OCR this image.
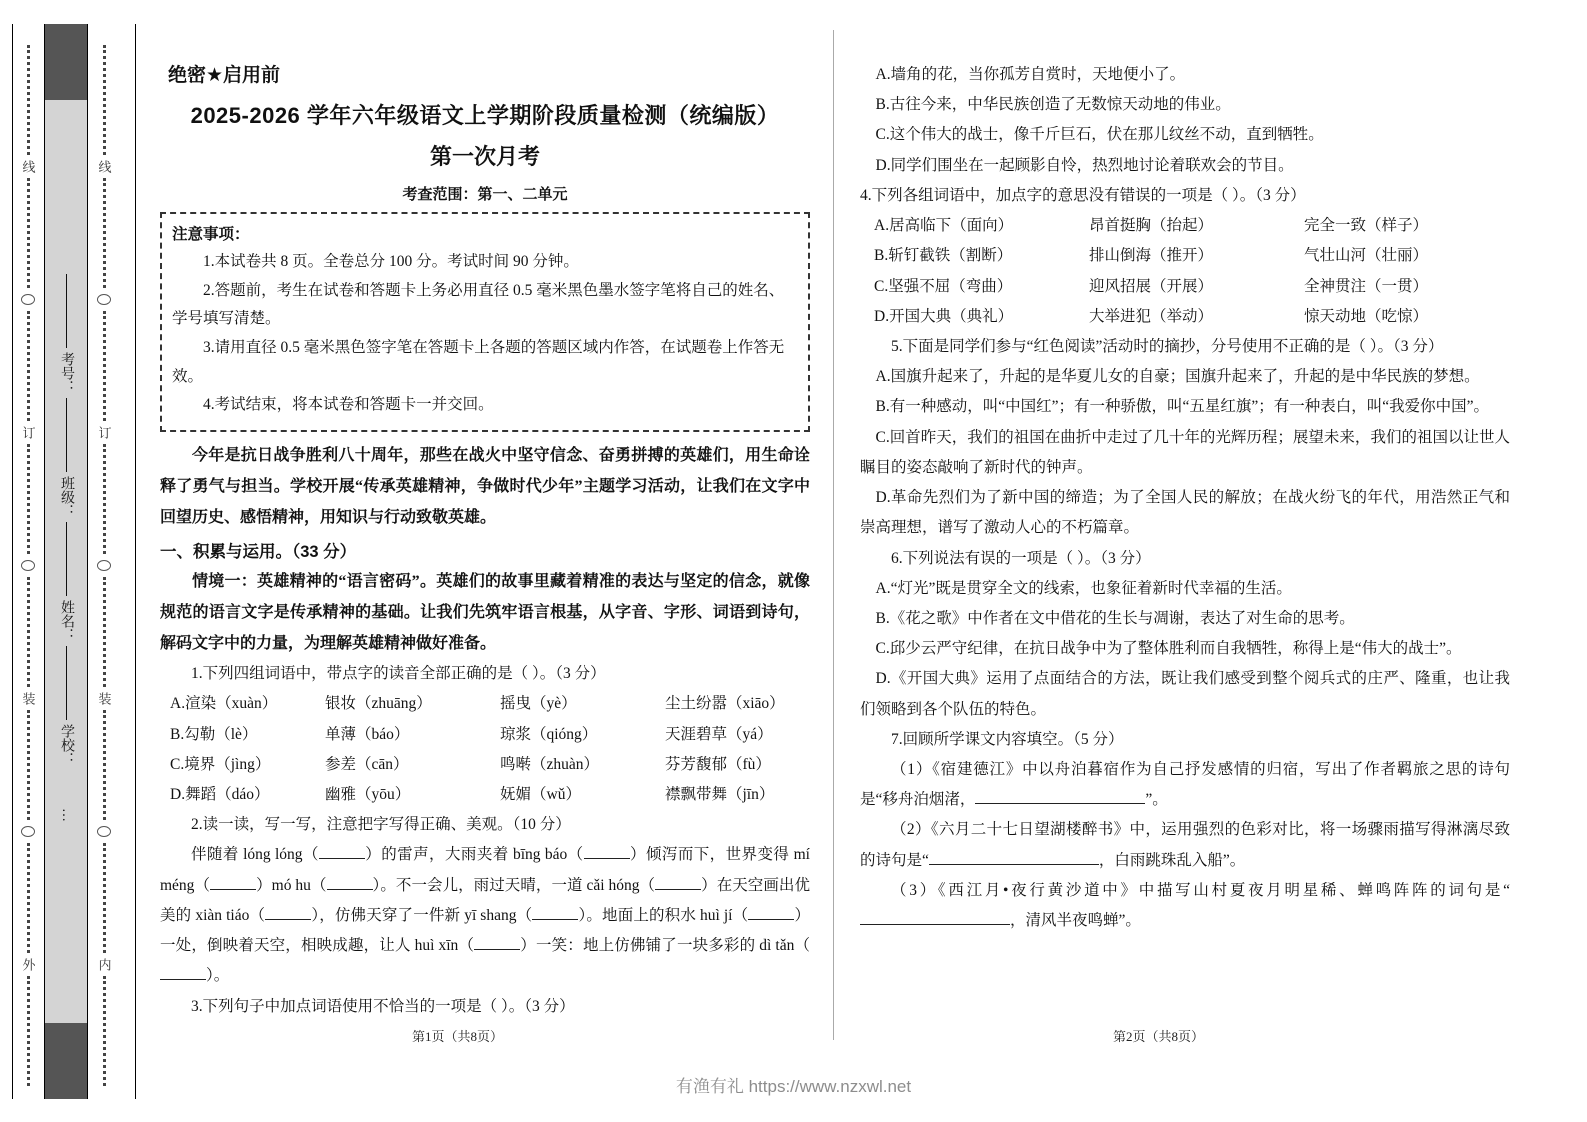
线
订
装
外
考号：
班级：
姓名：
学校：
…
线
订
装
内
绝密★启用前
2025-2026 学年六年级语文上学期阶段质量检测（统编版）
第一次月考
考查范围：第一、二单元
注意事项：

1.本试卷共 8 页。全卷总分 100 分。考试时间 90 分钟。

2.答题前，考生在试卷和答题卡上务必用直径 0.5 毫米黑色墨水签字笔将自己的姓名、学号填写清楚。

3.请用直径 0.5 毫米黑色签字笔在答题卡上各题的答题区域内作答，在试题卷上作答无效。

4.考试结束，将本试卷和答题卡一并交回。

今年是抗日战争胜利八十周年，那些在战火中坚守信念、奋勇拼搏的英雄们，用生命诠释了勇气与担当。学校开展“传承英雄精神，争做时代少年”主题学习活动，让我们在文字中回望历史、感悟精神，用知识与行动致敬英雄。

一、积累与运用。（33 分）

情境一：英雄精神的“语言密码”。英雄们的故事里藏着精准的表达与坚定的信念，就像规范的语言文字是传承精神的基础。让我们先筑牢语言根基，从字音、字形、词语到诗句，解码文字中的力量，为理解英雄精神做好准备。

1.下列四组词语中，带点字的读音全部正确的是（ ）。（3 分）

A.渲染（xuàn）	银妆（zhuāng）	摇曳（yè）	尘土纷嚣（xiāo）
B.勾勒（lè）	单薄（báo）	琼浆（qióng）	天涯碧草（yá）
C.境界（jìng）	参差（cān）	鸣啭（zhuàn）	芬芳馥郁（fù）
D.舞蹈（dáo）	幽雅（yōu）	妩媚（wǔ）	襟飘带舞（jīn）

2.读一读，写一写，注意把字写得正确、美观。（10 分）

伴随着 lóng lóng（	）的雷声，大雨夹着 bīng báo（	）倾泻而下，世界变得 mí méng（	）mó hu（	）。不一会儿，雨过天晴，一道 cǎi hóng（	）在天空画出优美的 xiàn tiáo（	），仿佛天穿了一件新 yī shang（	）。地面上的积水 huì jí（	）一处，倒映着天空，相映成趣，让人 huì xīn（	）一笑：地上仿佛铺了一块多彩的 dì tǎn（）。

3.下列句子中加点词语使用不恰当的一项是（ ）。（3 分）

A.墙角的花，当你孤芳自赏时，天地便小了。

B.古往今来，中华民族创造了无数惊天动地的伟业。

C.这个伟大的战士，像千斤巨石，伏在那儿纹丝不动，直到牺牲。

D.同学们围坐在一起顾影自怜，热烈地讨论着联欢会的节目。

4.下列各组词语中，加点字的意思没有错误的一项是（ ）。（3 分）

A.居高临下（面向）	昂首挺胸（抬起）	完全一致（样子）
B.斩钉截铁（割断）	排山倒海（推开）	气壮山河（壮丽）
C.坚强不屈（弯曲）	迎风招展（开展）	全神贯注（一贯）
D.开国大典（典礼）	大举进犯（举动）	惊天动地（吃惊）

5.下面是同学们参与“红色阅读”活动时的摘抄，分号使用不正确的是（ ）。（3 分）

A.国旗升起来了，升起的是华夏儿女的自豪；国旗升起来了，升起的是中华民族的梦想。

B.有一种感动，叫“中国红”；有一种骄傲，叫“五星红旗”；有一种表白，叫“我爱你中国”。

C.回首昨天，我们的祖国在曲折中走过了几十年的光辉历程；展望未来，我们的祖国以让世人瞩目的姿态敲响了新时代的钟声。

D.革命先烈们为了新中国的缔造；为了全国人民的解放；在战火纷飞的年代，用浩然正气和崇高理想，谱写了激动人心的不朽篇章。

6.下列说法有误的一项是（ ）。（3 分）

A.“灯光”既是贯穿全文的线索，也象征着新时代幸福的生活。

B.《花之歌》中作者在文中借花的生长与凋谢，表达了对生命的思考。

C.邱少云严守纪律，在抗日战争中为了整体胜利而自我牺牲，称得上是“伟大的战士”。

D.《开国大典》运用了点面结合的方法，既让我们感受到整个阅兵式的庄严、隆重，也让我们领略到各个队伍的特色。

7.回顾所学课文内容填空。（5 分）

（1）《宿建德江》中以舟泊暮宿作为自己抒发感情的归宿，写出了作者羁旅之思的诗句是“移舟泊烟渚，	”。

（2）《六月二十七日望湖楼醉书》中，运用强烈的色彩对比，将一场骤雨描写得淋漓尽致的诗句是“	，白雨跳珠乱入船”。

（3）《西江月•夜行黄沙道中》中描写山村夏夜月明星稀、蝉鸣阵阵的词句是“，清风半夜鸣蝉”。

第1页（共8页）	第2页（共8页）
有渔有礼 https://www.nzxwl.net
